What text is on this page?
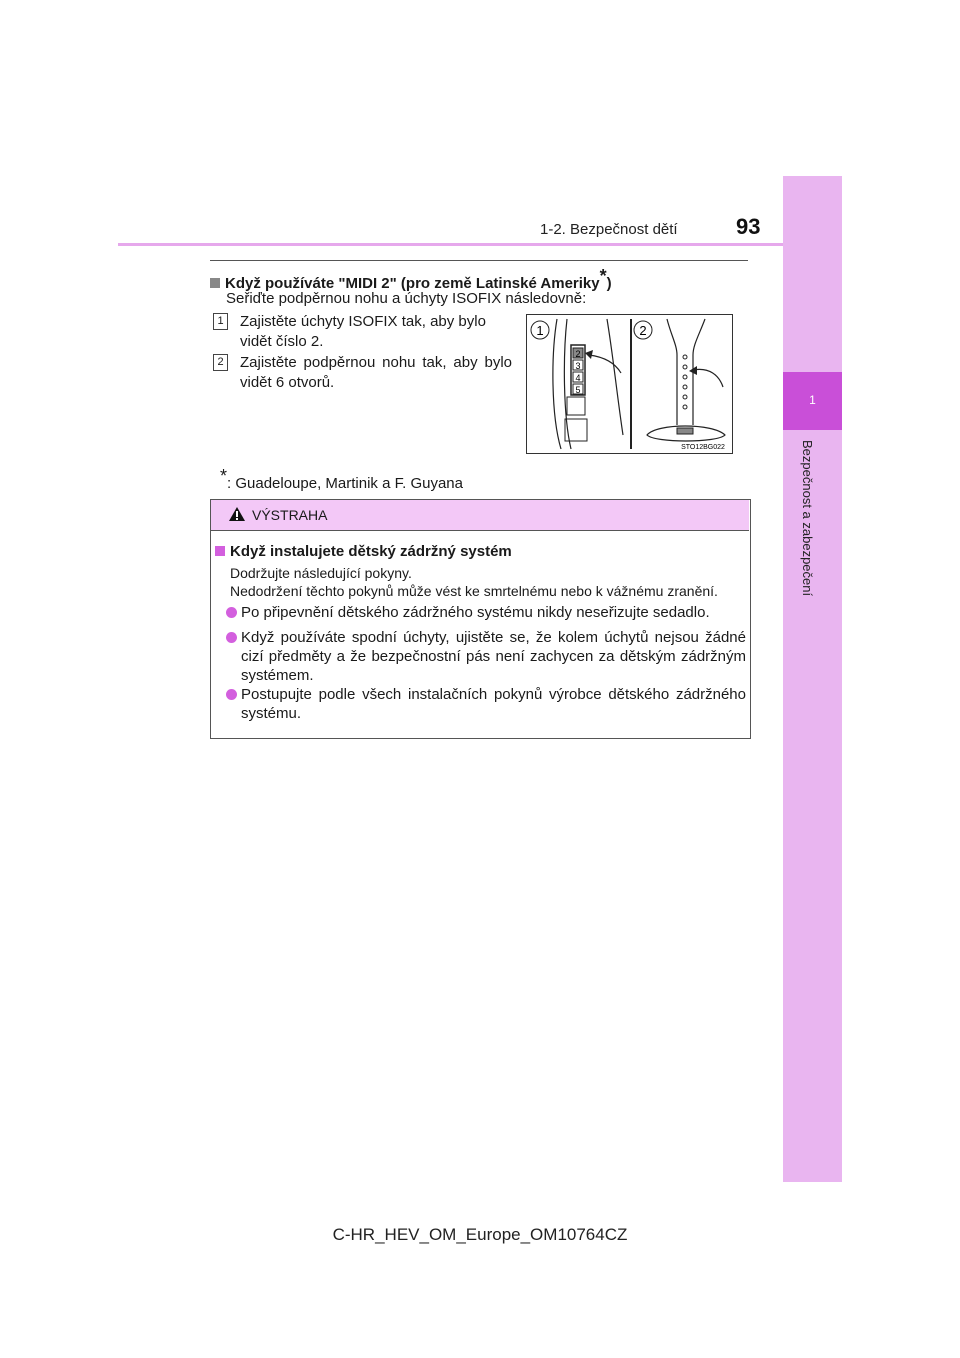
1-2. Bezpečnost dětí	93
1
Bezpečnost a zabezpečení
Když používáte "MIDI 2" (pro země Latinské Ameriky*)
Seřiďte podpěrnou nohu a úchyty ISOFIX následovně:
1 Zajistěte úchyty ISOFIX tak, aby bylo vidět číslo 2.
2 Zajistěte podpěrnou nohu tak, aby bylo vidět 6 otvorů.
1	2
2
3
4
5
STO12BG022
*: Guadeloupe, Martinik a F. Guyana
VÝSTRAHA
Když instalujete dětský zádržný systém
Dodržujte následující pokyny.
Nedodržení těchto pokynů může vést ke smrtelnému nebo k vážnému zranění.
Po připevnění dětského zádržného systému nikdy neseřizujte sedadlo.
Když používáte spodní úchyty, ujistěte se, že kolem úchytů nejsou žádné cizí předměty a že bezpečnostní pás není zachycen za dětským zádržným systémem.
Postupujte podle všech instalačních pokynů výrobce dětského zádržného systému.
C-HR_HEV_OM_Europe_OM10764CZ
